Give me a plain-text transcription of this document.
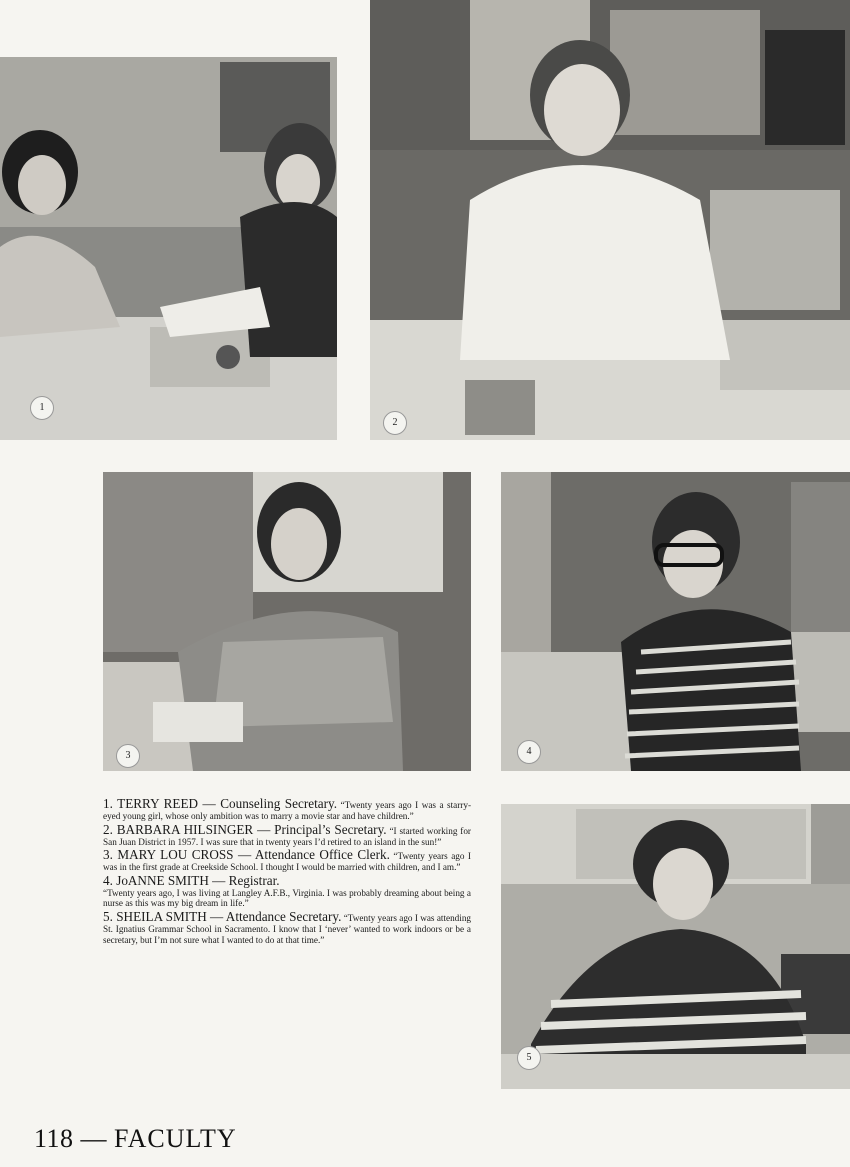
1
2
3	4
5

1. TERRY REED — Counseling Secretary. “Twenty years ago I was a starry-eyed young girl, whose only ambition was to marry a movie star and have children.”

2. BARBARA HILSINGER — Principal’s Secretary. “I started working for San Juan District in 1957. I was sure that in twenty years I’d retired to an island in the sun!”

3. MARY LOU CROSS — Attendance Office Clerk. “Twenty years ago I was in the first grade at Creekside School. I thought I would be married with children, and I am.”

4. JoANNE SMITH — Registrar.
“Twenty years ago, I was living at Langley A.F.B., Virginia. I was probably dreaming about being a nurse as this was my big dream in life.”

5. SHEILA SMITH — Attendance Secretary. “Twenty years ago I was attending St. Ignatius Grammar School in Sacramento. I know that I ‘never’ wanted to work indoors or be a secretary, but I’m not sure what I wanted to do at that time.”

118 — FACULTY
